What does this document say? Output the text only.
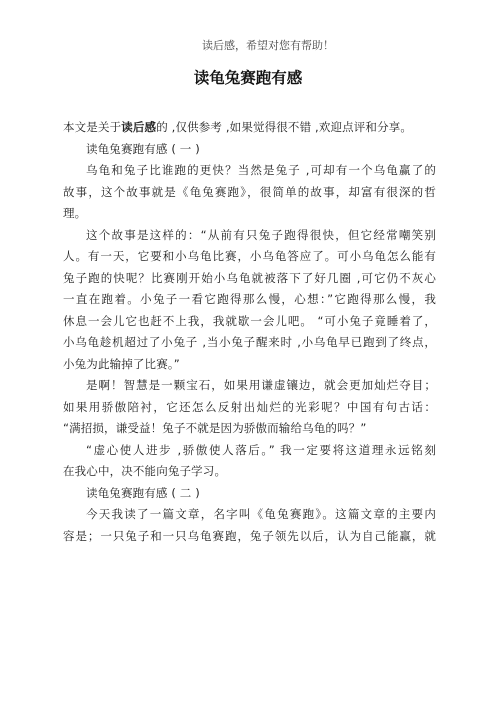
读后感，希望对您有帮助！
读龟兔赛跑有感
本文是关于读后感的 ,仅供参考 ,如果觉得很不错 ,欢迎点评和分享。
读龟兔赛跑有感 ( 一 )
乌龟和兔子比谁跑的更快？当然是兔子 ,可却有一个乌龟赢了的
故事，这个故事就是《龟兔赛跑》，很简单的故事，却富有很深的哲
理。
这个故事是这样的：“从前有只兔子跑得很快，但它经常嘲笑别
人。有一天，它要和小乌龟比赛，小乌龟答应了。可小乌龟怎么能有
兔子跑的快呢？比赛刚开始小乌龟就被落下了好几圈 ,可它仍不灰心
一直在跑着。小兔子一看它跑得那么慢，心想：”它跑得那么慢，我
休息一会儿它也赶不上我，我就歇一会儿吧。 “可小兔子竟睡着了，
小乌龟趁机超过了小兔子 ,当小兔子醒来时 ,小乌龟早已跑到了终点，
小兔为此输掉了比赛。”
是啊！智慧是一颗宝石，如果用谦虚镶边，就会更加灿烂夺目；
如果用骄傲陪衬，它还怎么反射出灿烂的光彩呢？中国有句古话：
“满招损，谦受益！兔子不就是因为骄傲而输给乌龟的吗？”
“虚心使人进步 ,骄傲使人落后。” 我一定要将这道理永远铭刻
在我心中，决不能向兔子学习。
读龟兔赛跑有感 ( 二 )
今天我读了一篇文章，名字叫《龟兔赛跑》。这篇文章的主要内
容是；一只兔子和一只乌龟赛跑，兔子领先以后，认为自己能赢，就
